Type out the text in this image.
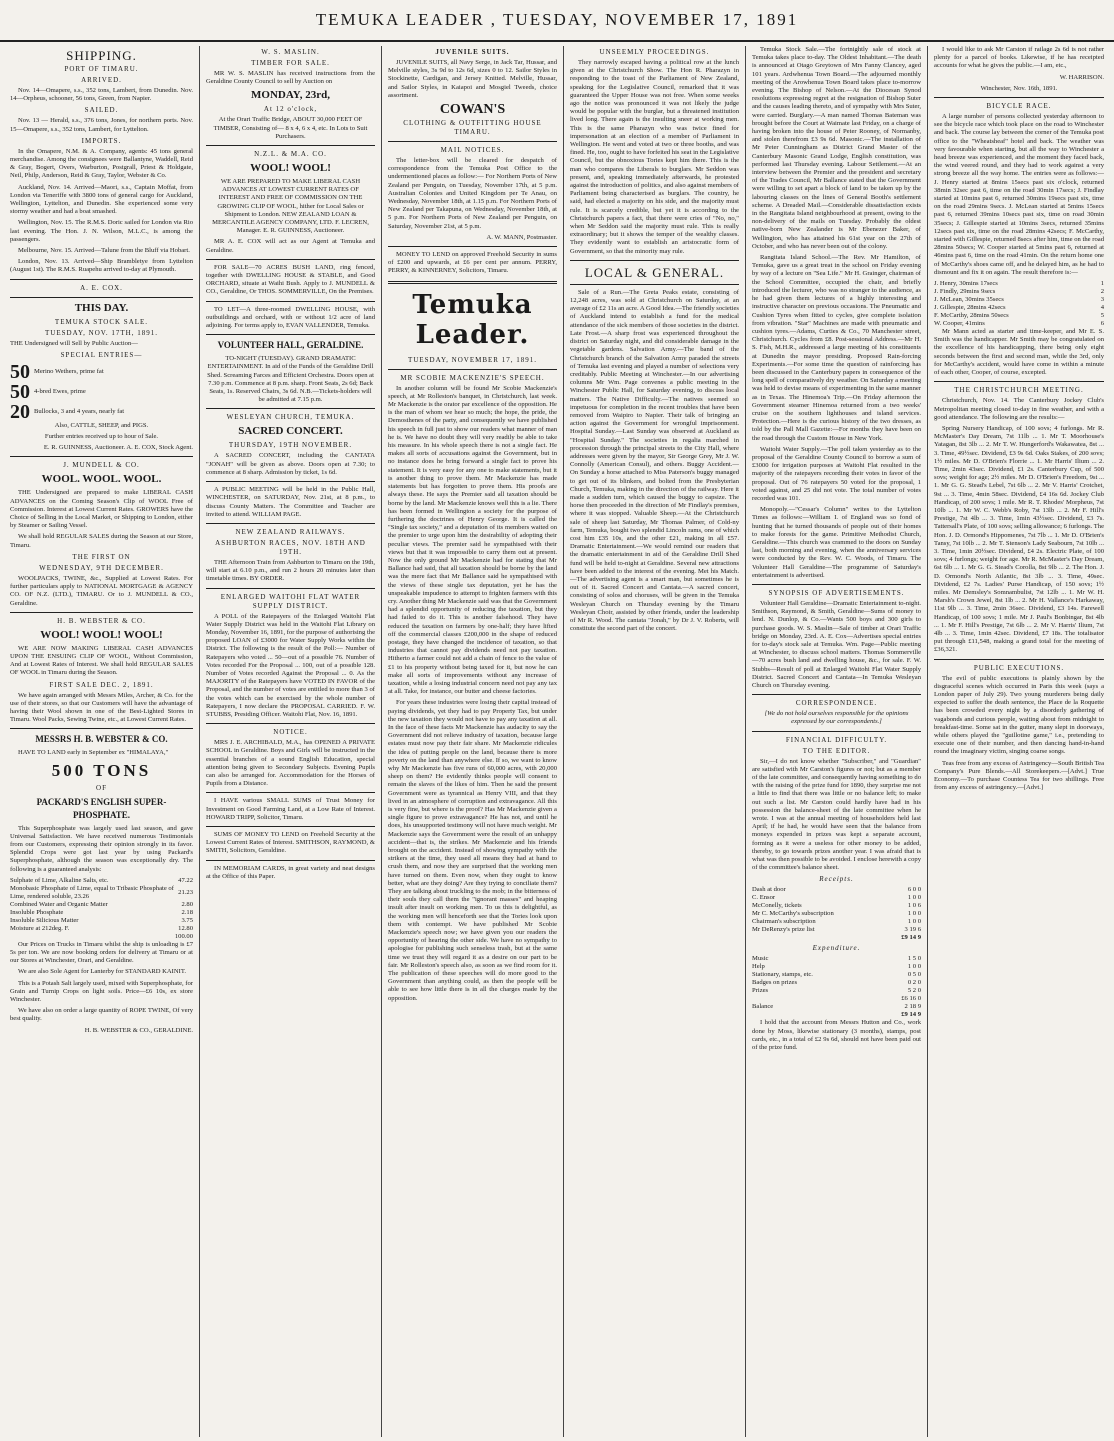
TEMUKA LEADER , TUESDAY, NOVEMBER 17, 1891
SHIPPING.
PORT OF TIMARU.
ARRIVED.

Nov. 14—Omapere, s.s., 352 tons, Lambert, from Dunedin. Nov. 14—Orpheus, schooner, 56 tons, Green, from Napier.

SAILED.

Nov. 13 — Herald, s.s., 376 tons, Jones, for northern ports. Nov. 15—Omapere, s.s., 352 tons, Lambert, for Lyttelton.

IMPORTS.

In the Omapere, N.M. & A. Company, agents: 45 tons general merchandise. Among the consignees were Ballantyne, Waddell, Reid & Gray, Bogert, Overs, Warburton, Postgrall, Priest & Holdgate, Neil, Philp, Anderson, Reid & Gray, Taylor, Webster & Co.

Auckland, Nov. 14. Arrived—Maori, s.s., Captain Moffat, from London via Teneriffe with 3800 tons of general cargo for Auckland, Wellington, Lyttelton, and Dunedin. She experienced some very stormy weather and had a boat smashed.

Wellington, Nov. 15. The R.M.S. Doric sailed for London via Rio last evening. The Hon. J. N. Wilson, M.L.C., is among the passengers.

Melbourne, Nov. 15. Arrived—Talune from the Bluff via Hobart.

London, Nov. 13. Arrived—Ship Brambletye from Lyttelton (August 1st). The R.M.S. Ruapehu arrived to-day at Plymouth.

A. E. COX.
THIS DAY.
TEMUKA STOCK SALE.
TUESDAY, NOV. 17TH, 1891.

THE Undersigned will Sell by Public Auction—

SPECIAL ENTRIES—
50 Merino Wethers, prime fat

50 4-bred Ewes, prime

20 Bullocks, 3 and 4 years, nearly fat

Also, CATTLE, SHEEP, and PIGS.

Further entries received up to hour of Sale.

E. R. GUINNESS, Auctioneer. A. E. COX, Stock Agent.

J. MUNDELL & CO.
WOOL. WOOL. WOOL.

THE Undersigned are prepared to make LIBERAL CASH ADVANCES on the Coming Season's Clip of WOOL Free of Commission. Interest at Lowest Current Rates. GROWERS have the Choice of Selling in the Local Market, or Shipping to London, either by Steamer or Sailing Vessel.

We shall hold REGULAR SALES during the Season at our Store, Timaru.

THE FIRST ON
WEDNESDAY, 9TH DECEMBER.

WOOLPACKS, TWINE, &c., Supplied at Lowest Rates. For further particulars apply to NATIONAL MORTGAGE & AGENCY CO. OF N.Z. (LTD.), TIMARU. Or to J. MUNDELL & CO., Geraldine.

H. B. WEBSTER & CO.
WOOL! WOOL! WOOL!

WE ARE NOW MAKING LIBERAL CASH ADVANCES UPON THE ENSUING CLIP OF WOOL, Without Commission, And at Lowest Rates of Interest. We shall hold REGULAR SALES OF WOOL in Timaru during the Season.

FIRST SALE DEC. 2, 1891.

We have again arranged with Messrs Miles, Archer, & Co. for the use of their stores, so that our Customers will have the advantage of having their Wool shown in one of the Best-Lighted Stores in Timaru. Wool Packs, Sewing Twine, etc., at Lowest Current Rates.

MESSRS H. B. WEBSTER & CO.

HAVE TO LAND early in September ex "HIMALAYA,"

500 TONS
OF
PACKARD'S ENGLISH SUPER-PHOSPHATE.

This Superphosphate was largely used last season, and gave Universal Satisfaction. We have received numerous Testimonials from our Customers, expressing their opinion strongly in its favor. Splendid Crops were got last year by using Packard's Superphosphate, although the season was exceptionally dry. The following is a guaranteed analysis:

Sulphate of Lime, Alkaline Salts, etc.	47.22
Monobasic Phosphate of Lime, equal to Tribasic Phosphate of Lime, rendered soluble, 23.26	21.23
Combined Water and Organic Matter	2.80
Insoluble Phosphate	2.18
Insoluble Silicious Matter	3.75
Moisture at 212deg. F.	12.80
	100.00

Our Prices on Trucks in Timaru whilst the ship is unloading is £7 5s per ton. We are now booking orders for delivery at Timaru or at our Stores at Winchester, Orari, and Geraldine.

We are also Sole Agent for Lanterby for STANDARD KAINIT.

This is a Potash Salt largely used, mixed with Superphosphate, for Grain and Turnip Crops on light soils. Price—£6 10s, ex store Winchester.

We have also on order a large quantity of ROPE TWINE, Of very best quality.

H. B. WEBSTER & CO., GERALDINE.

W. S. MASLIN.
TIMBER FOR SALE.

MR W. S. MASLIN has received instructions from the Geraldine County Council to sell by Auction on

MONDAY, 23rd,
At 12 o'clock,

At the Orari Traffic Bridge, ABOUT 30,000 FEET OF TIMBER, Consisting of— 8 x 4, 6 x 4, etc. In Lots to Suit Purchasers.

N.Z.L. & M.A. CO.
WOOL! WOOL!

WE ARE PREPARED TO MAKE LIBERAL CASH ADVANCES AT LOWEST CURRENT RATES OF INTEREST AND FREE OF COMMISSION ON THE GROWING CLIP OF WOOL, hither for Local Sales or Shipment to London. NEW ZEALAND LOAN & MERCANTILE AGENCY COMPANY, LTD. F. LECREN, Manager. E. R. GUINNESS, Auctioneer.

MR A. E. COX will act as our Agent at Temuka and Geraldine.

FOR SALE—70 ACRES BUSH LAND, ring fenced, together with DWELLING HOUSE & STABLE, and Good ORCHARD, situate at Waihi Bush. Apply to J. MUNDELL & CO., Geraldine, Or THOS. SOMMERVILLE, On the Premises.

TO LET—A three-roomed DWELLING HOUSE, with outbuildings and orchard, with or without 1/2 acre of land adjoining. For terms apply to, EVAN VALLENDER, Temuka.

VOLUNTEER HALL, GERALDINE.

TO-NIGHT (TUESDAY). GRAND DRAMATIC ENTERTAINMENT. In aid of the Funds of the Geraldine Drill Shed. Screaming Farces and Efficient Orchestra. Doors open at 7.30 p.m. Commence at 8 p.m. sharp. Front Seats, 2s 6d; Back Seats, 1s. Reserved Chairs, 3s 6d. N.B.—Tickets-holders will be admitted at 7.15 p.m.

WESLEYAN CHURCH, TEMUKA.
SACRED CONCERT.
THURSDAY, 19TH NOVEMBER.

A SACRED CONCERT, including the CANTATA "JONAH" will be given as above. Doors open at 7.30; to commence at 8 sharp. Admission by ticket, 1s 6d.

A PUBLIC MEETING will be held in the Public Hall, WINCHESTER, on SATURDAY, Nov. 21st, at 8 p.m., to discuss County Matters. The Committee and Teacher are invited to attend. WILLIAM PAGE.

NEW ZEALAND RAILWAYS.
ASHBURTON RACES, NOV. 18TH AND 19TH.

THE Afternoon Train from Ashburton to Timaru on the 19th, will start at 6.10 p.m., and run 2 hours 20 minutes later than timetable times. BY ORDER.

ENLARGED WAITOHI FLAT WATER SUPPLY DISTRICT.

A POLL of the Ratepayers of the Enlarged Waitohi Flat Water Supply District was held in the Waitohi Flat Library on Monday, November 16, 1891, for the purpose of authorising the proposed LOAN of £3000 for Water Supply Works within the District. The following is the result of the Poll:— Number of Ratepayers who voted ... 50—out of a possible 76. Number of Votes recorded For the Proposal ... 100, out of a possible 128. Number of Votes recorded Against the Proposal ... 0. As the MAJORITY of the Ratepayers have VOTED IN FAVOR of the Proposal, and the number of votes are entitled to more than 3 of the votes which can be exercised by the whole number of Ratepayers, I now declare the PROPOSAL CARRIED. F. W. STUBBS, Presiding Officer. Waitohi Flat, Nov. 16, 1891.

NOTICE.

MRS J. E. ARCHIBALD, M.A., has OPENED A PRIVATE SCHOOL in Geraldine. Boys and Girls will be instructed in the essential branches of a sound English Education, special attention being given to Secondary Subjects. Evening Pupils can also be arranged for. Accommodation for the Horses of Pupils from a Distance.

I HAVE various SMALL SUMS of Trust Money for Investment on Good Farming Land, at a Low Rate of Interest. HOWARD TRIPP, Solicitor, Timaru.

SUMS OF MONEY TO LEND on Freehold Security at the Lowest Current Rates of Interest. SMITHSON, RAYMOND, & SMITH, Solicitors, Geraldine.

IN MEMORIAM CARDS, in great variety and neat designs at the Office of this Paper.

JUVENILE SUITS.

JUVENILE SUITS, all Navy Serge, in Jack Tar, Hussar, and Melville styles, 3s 9d to 12s 6d, sizes 0 to 12. Sailor Styles in Stockinette, Cardigan, and Jersey Knitted. Melville, Hussar, and Sailor Styles, in Kaiapoi and Mosgiel Tweeds, choice assortment.

COWAN'S
CLOTHING & OUTFITTING HOUSE TIMARU.
MAIL NOTICES.

The letter-box will be cleared for despatch of correspondence from the Temuka Post Office to the undermentioned places as follow:— For Northern Ports of New Zealand per Penguin, on Tuesday, November 17th, at 5 p.m. Australian Colonies and United Kingdom per Te Anau, on Wednesday, November 18th, at 1.15 p.m. For Northern Ports of New Zealand per Takapuna, on Wednesday, November 18th, at 5 p.m. For Northern Ports of New Zealand per Penguin, on Saturday, November 21st, at 5 p.m.

A. W. MANN, Postmaster.

MONEY TO LEND on approved Freehold Security in sums of £200 and upwards, at £6 per cent per annum. PERRY, PERRY, & KINNERNEY, Solicitors, Timaru.

Temuka Leader.
TUESDAY, NOVEMBER 17, 1891.
MR SCOBIE MACKENZIE'S SPEECH.

In another column will be found Mr Scobie Mackenzie's speech, at Mr Rolleston's banquet, in Christchurch, last week. Mr Mackenzie is the orator par excellence of the opposition. He is the man of whom we hear so much; the hope, the pride, the Demosthenes of the party, and consequently we have published his speech in full just to show our readers what manner of man he is. We have no doubt they will very readily be able to take his measure. In his whole speech there is not a single fact. He makes all sorts of accusations against the Government, but in no instance does he bring forward a single fact to prove his statement. It is very easy for any one to make statements, but it is another thing to prove them. Mr Mackenzie has made statements but has forgotten to prove them. His proofs are always these. He says the Premier said all taxation should be borne by the land. Mr Mackenzie knows well this is a lie. There has been formed in Wellington a society for the purpose of furthering the doctrines of Henry George. It is called the "Single tax society," and a deputation of its members waited on the premier to urge upon him the desirability of adopting their peculiar views. The premier said he sympathised with their views but that it was impossible to carry them out at present. Now the only ground Mr Mackenzie had for stating that Mr Ballance had said, that all taxation should be borne by the land was the mere fact that Mr Ballance said he sympathised with the views of these single tax deputation, yet he has the unspeakable impudence to attempt to frighten farmers with this cry. Another thing Mr Mackenzie said was that the Government had a splendid opportunity of reducing the taxation, but they had failed to do it. This is another falsehood. They have reduced the taxation on farmers by one-half; they have lifted off the commercial classes £200,000 in the shape of reduced postage, they have changed the incidence of taxation, so that industries that cannot pay dividends need not pay taxation. Hitherto a farmer could not add a chain of fence to the value of £1 to his property without being taxed for it, but now he can make all sorts of improvements without any increase of taxation, while a losing industrial concern need not pay any tax at all. Take, for instance, our butter and cheese factories.

For years these industries were losing their capital instead of paying dividends, yet they had to pay Property Tax, but under the new taxation they would not have to pay any taxation at all. In the face of these facts Mr Mackenzie has audacity to say the Government did not relieve industry of taxation, because large estates must now pay their fair share. Mr Mackenzie ridicules the idea of putting people on the land, because there is more poverty on the land than anywhere else. If so, we want to know why Mr Mackenzie has five runs of 60,000 acres, with 20,000 sheep on them? He evidently thinks people will consent to remain the slaves of the likes of him. Then he said the present Government were as tyrannical as Henry VIII, and that they lived in an atmosphere of corruption and extravagance. All this is very fine, but where is the proof? Has Mr Mackenzie given a single figure to prove extravagance? He has not, and until he does, his unsupported testimony will not have much weight. Mr Mackenzie says the Government were the result of an unhappy accident—that is, the strikes. Mr Mackenzie and his friends brought on the accident. Instead of showing sympathy with the strikers at the time, they used all means they had at hand to crush them, and now they are surprised that the working men have turned on them. Even now, when they ought to know better, what are they doing? Are they trying to conciliate them? They are talking about truckling to the mob; in the bitterness of their souls they call them the "ignorant masses" and heaping insult after insult on working men. To us this is delightful, as the working men will henceforth see that the Tories look upon them with contempt. We have published Mr Scobie Mackenzie's speech now; we have given you our readers the opportunity of hearing the other side. We have no sympathy to apologise for publishing such senseless trash, but at the same time we trust they will regard it as a desire on our part to be fair. Mr Rolleston's speech also, as soon as we find room for it. The publication of these speeches will do more good to the Government than anything could, as then the people will be able to see how little there is in all the charges made by the opposition.

UNSEEMLY PROCEEDINGS.

They narrowly escaped having a political row at the lunch given at the Christchurch Show. The Hon R. Pharazyn in responding to the toast of the Parliament of New Zealand, speaking for the Legislative Council, remarked that it was guaranteed the Upper House was not free. When some weeks ago the notice was pronounced it was not likely the judge would be popular with the burglar, but a threatened institution lived long. There again is the insulting sneer at working men. This is the same Pharazyn who was twice fined for impersonation at an election of a member of Parliament in Wellington. He went and voted at two or three booths, and was fined. He, too, ought to have forfeited his seat in the Legislative Council, but the obnoxious Tories kept him there. This is the man who compares the Liberals to burglars. Mr Seddon was present, and, speaking immediately afterwards, he protested against the introduction of politics, and also against members of Parliament being characterised as burglars. The country, he said, had elected a majority on his side, and the majority must rule. It is scarcely credible, but yet it is according to the Christchurch papers a fact, that there were cries of "No, no," when Mr Seddon said the majority must rule. This is really extraordinary; but it shows the temper of the wealthy classes. They evidently want to establish an aristocratic form of Government, so that the minority may rule.

LOCAL & GENERAL.

Sale of a Run.—The Greta Peaks estate, consisting of 12,248 acres, was sold at Christchurch on Saturday, at an average of £2 11s an acre. A Good Idea.—The friendly societies of Auckland intend to establish a fund for the medical attendance of the sick members of those societies in the district. Late Frost.—A sharp frost was experienced throughout the district on Saturday night, and did considerable damage in the vegetable gardens. Salvation Army.—The band of the Christchurch branch of the Salvation Army paraded the streets of Temuka last evening and played a number of selections very creditably. Public Meeting at Winchester.—In our advertising columns Mr Wm. Page convenes a public meeting in the Winchester Public Hall, for Saturday evening, to discuss local matters. The Native Difficulty.—The natives seemed so impetuous for completion in the recent troubles that have been removed from Waipiro to Napier. Their talk of bringing an action against the Government for wrongful imprisonment. Hospital Sunday.—Last Sunday was observed at Auckland as "Hospital Sunday." The societies in regalia marched in procession through the principal streets to the City Hall, where addresses were given by the mayor, Sir George Grey, Mr J. W. Connolly (American Consul), and others. Buggy Accident.—On Sunday a horse attached to Miss Paterson's buggy managed to get out of its blinkers, and bolted from the Presbyterian Church, Temuka, making in the direction of the railway. Here it made a sudden turn, which caused the buggy to capsize. The horse then proceeded in the direction of Mr Findlay's premises, where it was stopped. Valuable Sheep.—At the Christchurch sale of sheep last Saturday, Mr Thomas Palmer, of Cold-ny farm, Temuka, bought two splendid Lincoln rams, one of which cost him £35 10s, and the other £21, making in all £57. Dramatic Entertainment.—We would remind our readers that the dramatic entertainment in aid of the Geraldine Drill Shed fund will be held to-night at Geraldine. Several new attractions have been added to the interest of the evening. Met his Match.—The advertising agent is a smart man, but sometimes he is out of it. Sacred Concert and Cantata.—A sacred concert, consisting of solos and choruses, will be given in the Temuka Wesleyan Church on Thursday evening by the Timaru Wesleyan Choir, assisted by other friends, under the leadership of Mr R. Wood. The cantata "Jonah," by Dr J. V. Roberts, will constitute the second part of the concert.

Temuka Stock Sale.—The fortnightly sale of stock at Temuka takes place to-day. The Oldest Inhabitant.—The death is announced at Otago Greytown of Mrs Fanny Clancey, aged 101 years. Ardwhenua Town Board.—The adjourned monthly meeting of the Arowhenua Town Board takes place to-morrow evening. The Bishop of Nelson.—At the Diocesan Synod resolutions expressing regret at the resignation of Bishop Suter and the causes leading thereto, and of sympathy with Mrs Suter, were carried. Burglary.—A man named Thomas Bateman was brought before the Court at Waimate last Friday, on a charge of having broken into the house of Peter Rooney, of Normanby, and stolen therefrom £3 9s 6d. Masonic.—The installation of Mr Peter Cunningham as District Grand Master of the Canterbury Masonic Grand Lodge, English constitution, was performed last Thursday evening. Labour Settlement.—At an interview between the Premier and the president and secretary of the Trades Council, Mr Ballance stated that the Government were willing to set apart a block of land to be taken up by the labouring classes on the lines of General Booth's settlement scheme. A Dreaded Mail.—Considerable dissatisfaction exists in the Rangitata Island neighbourhood at present, owing to the non-delivery of the mails on Tuesday. Probably the oldest native-born New Zealander is Mr Ebenezer Baker, of Wellington, who has attained his 61st year on the 27th of October, and who has never been out of the colony.

Rangitata Island School.—The Rev. Mr Hamilton, of Temuka, gave us a great treat in the school on Friday evening by way of a lecture on "Sea Life." Mr H. Grainger, chairman of the School Committee, occupied the chair, and briefly introduced the lecturer, who was no stranger to the audience, as he had given them lectures of a highly interesting and instructive character on previous occasions. The Pneumatic and Cushion Tyres when fitted to cycles, give complete isolation from vibration. "Star" Machines are made with pneumatic and cushion tyres.—Adams, Curties & Co., 70 Manchester street, Christchurch. Cycles from £8. Post-sessional Address.—Mr H. S. Fish, M.H.R., addressed a large meeting of his constituents at Dunedin the mayor presiding. Proposed Rain-forcing Experiments.—For some time the question of rainforcing has been discussed in the Canterbury papers in consequence of the long spell of comparatively dry weather. On Saturday a meeting was held to devise means of experimenting in the same manner as in Texas. The Hinemoa's Trip.—On Friday afternoon the Government steamer Hinemoa returned from a two weeks' cruise on the southern lighthouses and island services. Protection.—Here is the curious history of the two dresses, as told by the Pall Mall Gazette:—For months they have been on the road through the Custom House in New York.

Waitohi Water Supply.—The poll taken yesterday as to the proposal of the Geraldine County Council to borrow a sum of £3000 for irrigation purposes at Waitohi Flat resulted in the majority of the ratepayers recording their votes in favor of the proposal. Out of 76 ratepayers 50 voted for the proposal, 1 voted against, and 25 did not vote. The total number of votes recorded was 101.

Monopoly.—"Cessar's Column" writes to the Lyttelton Times as follows:—William I. of England was so fond of hunting that he turned thousands of people out of their homes to make forests for the game. Primitive Methodist Church, Geraldine.—This church was crammed to the doors on Sunday last, both morning and evening, when the anniversary services were conducted by the Rev. W. C. Woods, of Timaru. The Volunteer Hall Geraldine—The programme of Saturday's entertainment is advertised.

SYNOPSIS OF ADVERTISEMENTS.

Volunteer Hall Geraldine—Dramatic Entertainment to-night. Smithson, Raymond, & Smith, Geraldine—Sums of money to lend. N. Dunlop, & Co.—Wants 500 boys and 300 girls to purchase goods. W. S. Maslin—Sale of timber at Orari Traffic bridge on Monday, 23rd. A. E. Cox—Advertises special entries for to-day's stock sale at Temuka. Wm. Page—Public meeting at Winchester, to discuss school matters. Thomas Sommerville—70 acres bush land and dwelling house, &c., for sale. F. W. Stubbs—Result of poll at Enlarged Waitohi Flat Water Supply District. Sacred Concert and Cantata—In Temuka Wesleyan Church on Thursday evening.

CORRESPONDENCE.

[We do not hold ourselves responsible for the opinions expressed by our correspondents.]

FINANCIAL DIFFICULTY.
TO THE EDITOR.

Sir,—I do not know whether "Subscriber," and "Guardian" are satisfied with Mr Carston's figures or not; but as a member of the late committee, and consequently having something to do with the raising of the prize fund for 1890, they surprise me not a little to find that there was little or no balance left; to make out such a list. Mr Carston could hardly have had in his possession the balance-sheet of the late committee when he wrote. I was at the annual meeting of householders held last April; if he had, he would have seen that the balance from moneys expended in prizes was kept a separate account, forming as it were a useless for other money to be added, thereby, to go towards prizes another year. I was afraid that is what was then possible to be avoided. I enclose herewith a copy of the committee's balance sheet.

Receipts.
Dash at door	6 0 0
C. Ensor	1 0 0
McConelly, tickets	1 0 6
Mr C. McCarthy's subscription	1 0 0
Chairman's subscription	1 0 0
Mr DeRenzy's prize list	3 19 6
	£9 14 9
Expenditure.
Music	1 5 0
Help	1 0 0
Stationary, stamps, etc.	0 5 0
Badges on prizes	0 2 0
Prizes	5 2 0
	£6 16 0
Balance	2 18 9
	£9 14 9

I hold that the account from Messrs Hutton and Co., work done by Moss, likewise stationary (3 months), stamps, post cards, etc., in a total of £2 9s 6d, should not have been paid out of the prize fund.

I would like to ask Mr Carston if railage 2s 6d is not rather plenty for a parcel of books. Likewise, if he has receipted accounts for what he gives the public.—I am, etc.,

W. HARRISON.

Winchester, Nov. 16th, 1891.

BICYCLE RACE.

A large number of persons collected yesterday afternoon to see the bicycle race which took place on the road to Winchester and back. The course lay between the corner of the Temuka post office to the "Wheatsheaf" hotel and back. The weather was very favourable when starting, but all the way to Winchester a head breeze was experienced, and the moment they faced back, the wind veered round, and they had to work against a very strong breeze all the way home. The entries were as follows:—J. Henry started at 8mins 15secs past six o'clock, returned 38min 32sec past 6, time on the road 30min 17secs; J. Findlay started at 10mins past 6, returned 30mins 19secs past six, time on the road 29mins 9secs. J. McLean started at 5mins 15secs past 6, returned 39mins 10secs past six, time on road 30min 35secs; J. Gillespie started at 10mins 3secs, returned 35mins 12secs past six, time on the road 28mins 42secs; F. McCarthy, started with Gillespie, returned 8secs after him, time on the road 28mins 50secs; W. Cooper started at 5mins past 6, returned at 46mins past 6, time on the road 41min. On the return home one of McCarthy's shoes came off, and he delayed him, as he had to dismount and fix it on again. The result therefore is:—

J. Henry, 30mins 17secs	1
J. Findly, 29mins 9secs	2
J. McLean, 30mins 35secs	3
J. Gillespie, 28mins 42secs	4
F. McCarthy, 28mins 50secs	5
W. Cooper, 41mins	6

Mr Mann acted as starter and time-keeper, and Mr E. S. Smith was the handicapper. Mr Smith may be congratulated on the excellence of his handicapping, there being only eight seconds between the first and second man, while the 3rd, only for McCarthy's accident, would have come in within a minute of each other, Cooper, of course, excepted.

THE CHRISTCHURCH MEETING.

Christchurch, Nov. 14. The Canterbury Jockey Club's Metropolitan meeting closed to-day in fine weather, and with a good attendance. The following are the results:—

Spring Nursery Handicap, of 100 sovs; 4 furlongs. Mr R. McMaster's Day Dream, 7st 11lb ... 1. Mr T. Moorhouse's Yatagan, 8st 3lb ... 2. Mr T. W. Hungerford's Wakawatea, 8st ... 3. Time, 49½sec. Dividend, £3 9s 6d. Oaks Stakes, of 200 sovs; 1½ miles. Mr D. O'Brien's Florrie ... 1. Mr Harris' Ilium ... 2. Time, 2min 43sec. Dividend, £1 2s. Canterbury Cup, of 500 sovs; weight for age; 2½ miles. Mr D. O'Brien's Freedom, 9st ... 1. Mr G. G. Stead's Lebel, 7st 6lb ... 2. Mr V. Harris' Crotchet, 9st ... 3. Time, 4min 58sec. Dividend, £4 16s 6d. Jockey Club Handicap, of 200 sovs; 1 mile. Mr R. T. Rhodes' Morpheus, 7st 10lb ... 1. Mr W. C. Webb's Roby, 7st 13lb ... 2. Mr F. Hill's Prestige, 7st 4lb ... 3. Time, 1min 43½sec. Dividend, £3 7s. Tattersall's Plate, of 100 sovs; selling allowance; 6 furlongs. The Hon. J. D. Ormond's Hippomenes, 7st 7lb ... 1. Mr D. O'Brien's Tansy, 7st 10lb ... 2. Mr T. Stenson's Lady Seabourn, 7st 10lb ... 3. Time, 1min 20½sec. Dividend, £4 2s. Electric Plate, of 100 sovs; 4 furlongs; weight for age. Mr R. McMaster's Day Dream, 6st 6lb ... 1. Mr G. G. Stead's Corolla, 8st 9lb ... 2. The Hon. J. D. Ormond's North Atlantic, 8st 3lb ... 3. Time, 49sec. Dividend, £2 7s. Ladies' Purse Handicap, of 150 sovs; 1½ miles. Mr Demsley's Somnambulist, 7st 12lb ... 1. Mr W. H. Marsh's Crown Jewel, 8st 1lb ... 2. Mr H. Vallance's Harkaway, 11st 9lb ... 3. Time, 2min 36sec. Dividend, £3 14s. Farewell Handicap, of 100 sovs; 1 mile. Mr J. Paul's Bonbingar, 8st 4lb ... 1. Mr F. Hill's Prestige, 7st 6lb ... 2. Mr V. Harris' Ilium, 7st 4lb ... 3. Time, 1min 42sec. Dividend, £7 18s. The totalisator put through £11,548, making a grand total for the meeting of £36,321.

PUBLIC EXECUTIONS.

The evil of public executions is plainly shown by the disgraceful scenes which occurred in Paris this week (says a London paper of July 29). Two young murderers being daily expected to suffer the death sentence, the Place de la Roquette has been crowded every night by a disorderly gathering of vagabonds and curious people, waiting about from midnight to breakfast-time. Some sat in the gutter, many slept in doorways, while others played the "guillotine game," i.e., pretending to execute one of their number, and then dancing hand-in-hand round the imaginary victim, singing coarse songs.

Teas free from any excess of Astringency—South British Tea Company's Pure Blends.—All Storekeepers.—[Advt.] True Economy.—To purchase Countess Tea for two shillings. Free from any excess of astringency.—[Advt.]
